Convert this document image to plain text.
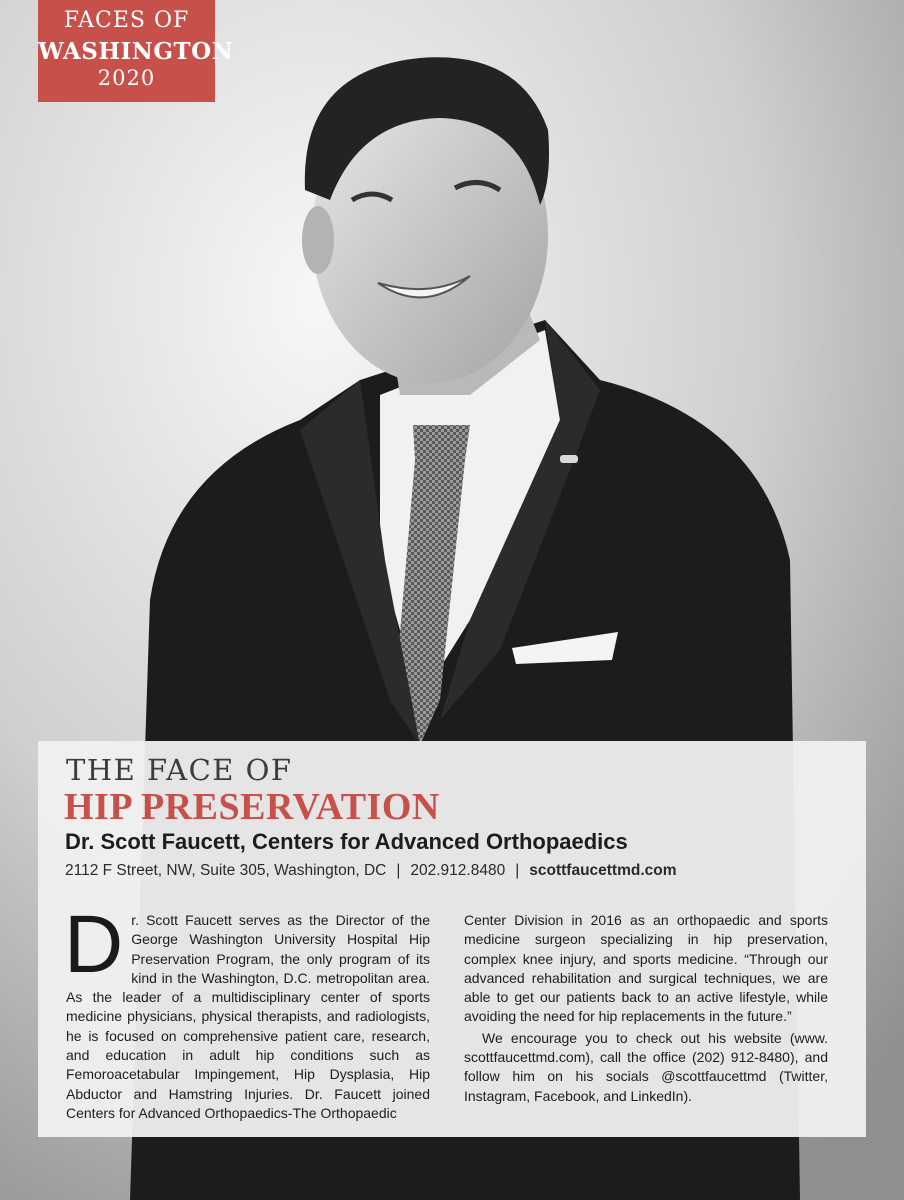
FACES OF
WASHINGTON
2020
THE FACE OF
HIP PRESERVATION
Dr. Scott Faucett, Centers for Advanced Orthopaedics
2112 F Street, NW, Suite 305, Washington, DC | 202.912.8480 | scottfaucettmd.com

Dr. Scott Faucett serves as the Director of the George Washington University Hospital Hip Preservation Program, the only program of its kind in the Washington, D.C. metropolitan area. As the leader of a multidisciplinary center of sports medicine physicians, physical therapists, and radiologists, he is focused on comprehensive patient care, research, and education in adult hip conditions such as Femoroacetabular Impingement, Hip Dysplasia, Hip Abductor and Hamstring Injuries. Dr. Faucett joined Centers for Advanced Orthopaedics-The Orthopaedic

Center Division in 2016 as an orthopaedic and sports medicine surgeon specializing in hip preservation, complex knee injury, and sports medicine. “Through our advanced rehabilitation and surgical techniques, we are able to get our patients back to an active lifestyle, while avoiding the need for hip replacements in the future.”

We encourage you to check out his website (www. scottfaucettmd.com), call the office (202) 912-8480), and follow him on his socials @scottfaucettmd (Twitter, Instagram, Facebook, and LinkedIn).
